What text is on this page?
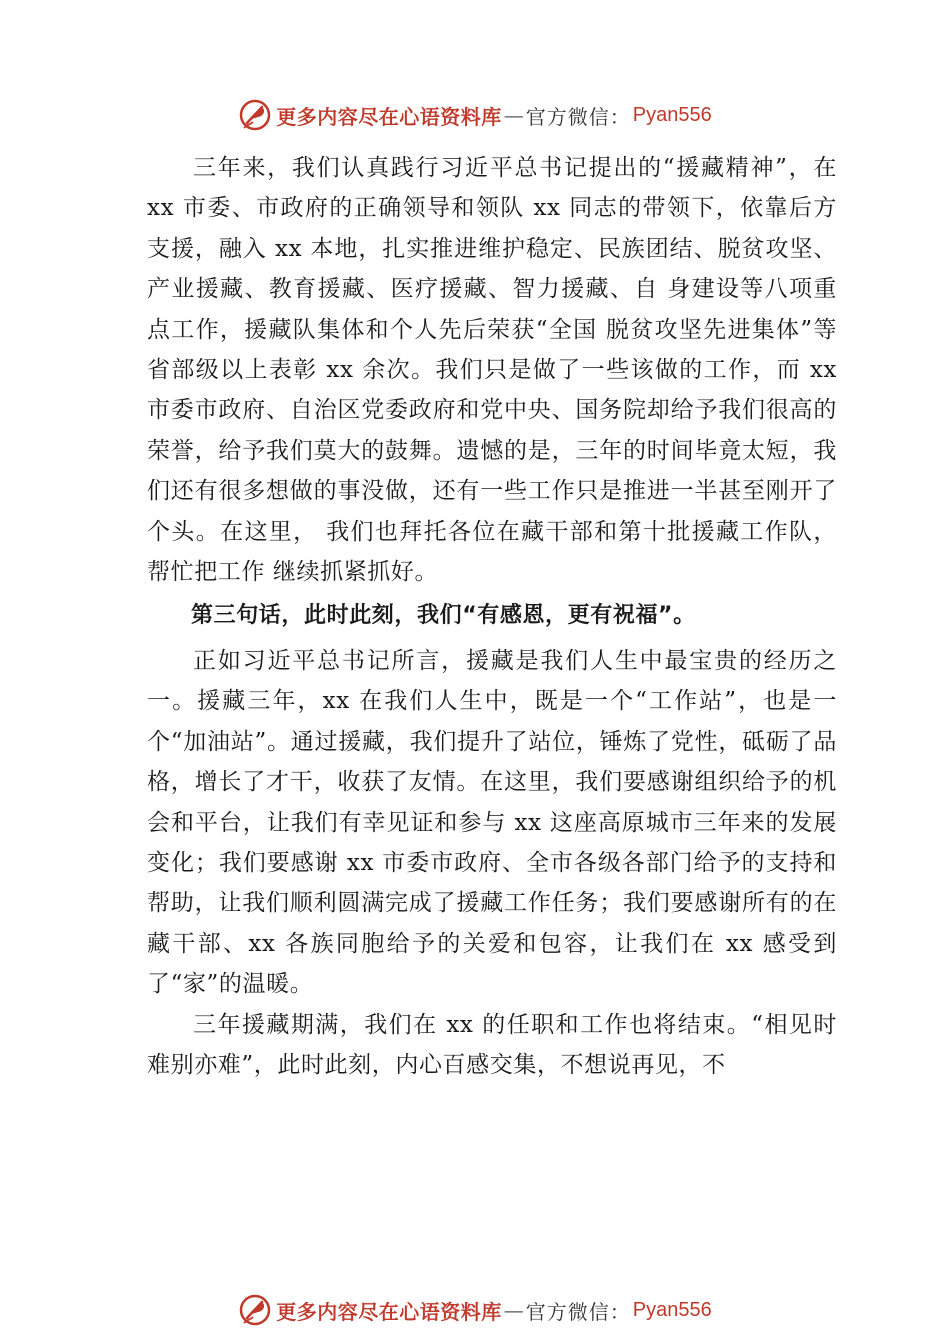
更多内容尽在心语资料库 — 官方微信： Pyan556

三年来，我们认真践行习近平总书记提出的“援藏精神”，在 xx 市委、市政府的正确领导和领队 xx 同志的带领下，依靠后方支援，融入 xx 本地，扎实推进维护稳定、民族团结、脱贫攻坚、产业援藏、教育援藏、医疗援藏、智力援藏、自 身建设等八项重点工作，援藏队集体和个人先后荣获“全国 脱贫攻坚先进集体”等省部级以上表彰 xx 余次。我们只是做了一些该做的工作，而 xx 市委市政府、自治区党委政府和党中央、国务院却给予我们很高的荣誉，给予我们莫大的鼓舞。遗憾的是，三年的时间毕竟太短，我们还有很多想做的事没做，还有一些工作只是推进一半甚至刚开了个头。在这里， 我们也拜托各位在藏干部和第十批援藏工作队，帮忙把工作 继续抓紧抓好。

第三句话，此时此刻，我们“有感恩，更有祝福”。

正如习近平总书记所言，援藏是我们人生中最宝贵的经历之一。援藏三年，xx 在我们人生中，既是一个“工作站”，也是一个“加油站”。通过援藏，我们提升了站位，锤炼了党性，砥砺了品格，增长了才干，收获了友情。在这里，我们要感谢组织给予的机会和平台，让我们有幸见证和参与 xx 这座高原城市三年来的发展变化；我们要感谢 xx 市委市政府、全市各级各部门给予的支持和帮助，让我们顺利圆满完成了援藏工作任务；我们要感谢所有的在藏干部、xx 各族同胞给予的关爱和包容，让我们在 xx 感受到了“家”的温暖。

三年援藏期满，我们在 xx 的任职和工作也将结束。“相见时难别亦难”，此时此刻，内心百感交集，不想说再见，不

更多内容尽在心语资料库 — 官方微信： Pyan556
